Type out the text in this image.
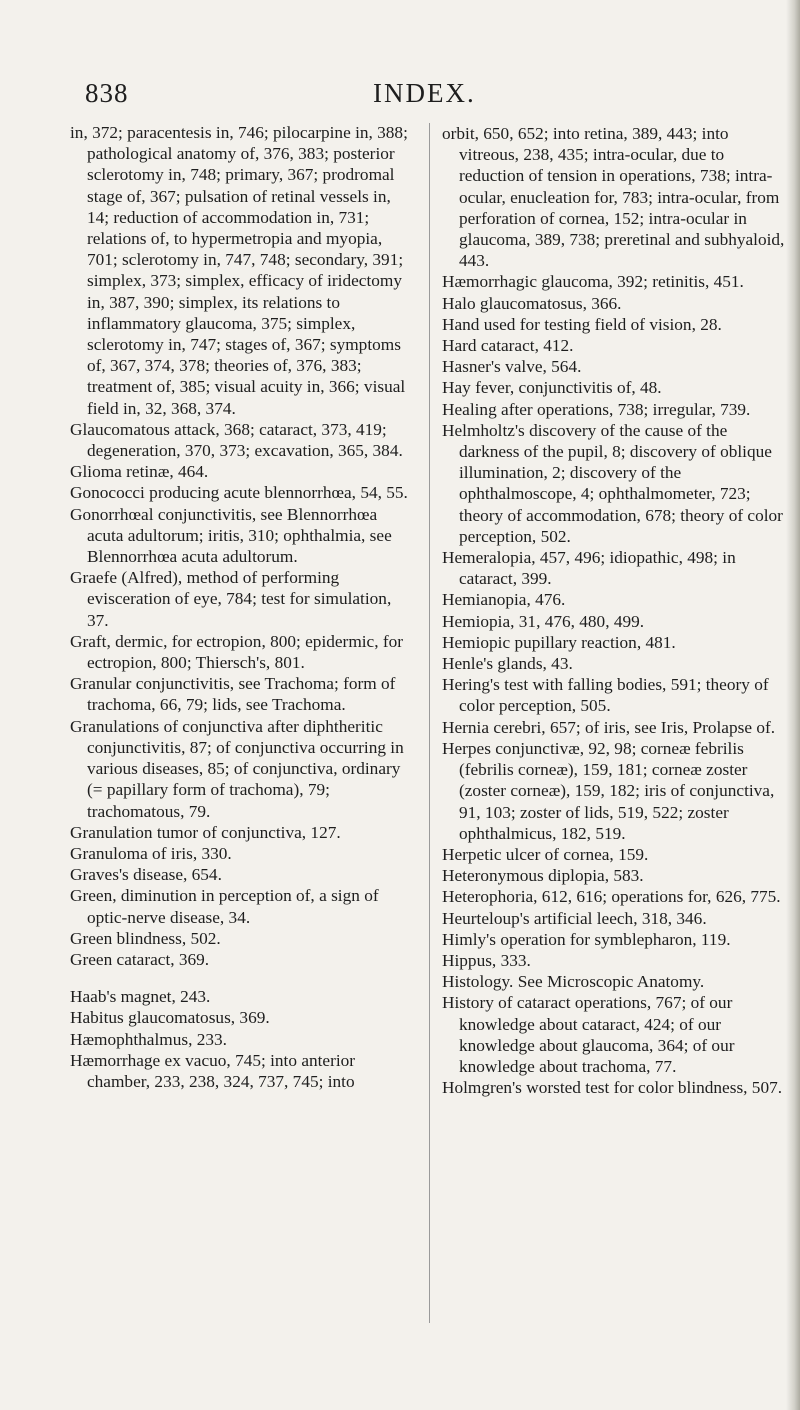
838	INDEX.

in, 372; paracentesis in, 746; pilocarpine in, 388; pathological anatomy of, 376, 383; posterior sclerotomy in, 748; primary, 367; prodromal stage of, 367; pulsation of retinal vessels in, 14; reduction of accommodation in, 731; relations of, to hypermetropia and myopia, 701; sclerotomy in, 747, 748; secondary, 391; simplex, 373; simplex, efficacy of iridectomy in, 387, 390; simplex, its relations to inflammatory glaucoma, 375; simplex, sclerotomy in, 747; stages of, 367; symptoms of, 367, 374, 378; theories of, 376, 383; treatment of, 385; visual acuity in, 366; visual field in, 32, 368, 374.

Glaucomatous attack, 368; cataract, 373, 419; degeneration, 370, 373; excavation, 365, 384.

Glioma retinæ, 464.

Gonococci producing acute blennorrhœa, 54, 55.

Gonorrhœal conjunctivitis, see Blennorrhœa acuta adultorum; iritis, 310; ophthalmia, see Blennorrhœa acuta adultorum.

Graefe (Alfred), method of performing evisceration of eye, 784; test for simulation, 37.

Graft, dermic, for ectropion, 800; epidermic, for ectropion, 800; Thiersch's, 801.

Granular conjunctivitis, see Trachoma; form of trachoma, 66, 79; lids, see Trachoma.

Granulations of conjunctiva after diphtheritic conjunctivitis, 87; of conjunctiva occurring in various diseases, 85; of conjunctiva, ordinary (= papillary form of trachoma), 79; trachomatous, 79.

Granulation tumor of conjunctiva, 127.

Granuloma of iris, 330.

Graves's disease, 654.

Green, diminution in perception of, a sign of optic-nerve disease, 34.

Green blindness, 502.

Green cataract, 369.

Haab's magnet, 243.

Habitus glaucomatosus, 369.

Hæmophthalmus, 233.

Hæmorrhage ex vacuo, 745; into anterior chamber, 233, 238, 324, 737, 745; into

orbit, 650, 652; into retina, 389, 443; into vitreous, 238, 435; intra-ocular, due to reduction of tension in operations, 738; intra-ocular, enucleation for, 783; intra-ocular, from perforation of cornea, 152; intra-ocular in glaucoma, 389, 738; preretinal and subhyaloid, 443.

Hæmorrhagic glaucoma, 392; retinitis, 451.

Halo glaucomatosus, 366.

Hand used for testing field of vision, 28.

Hard cataract, 412.

Hasner's valve, 564.

Hay fever, conjunctivitis of, 48.

Healing after operations, 738; irregular, 739.

Helmholtz's discovery of the cause of the darkness of the pupil, 8; discovery of oblique illumination, 2; discovery of the ophthalmoscope, 4; ophthalmometer, 723; theory of accommodation, 678; theory of color perception, 502.

Hemeralopia, 457, 496; idiopathic, 498; in cataract, 399.

Hemianopia, 476.

Hemiopia, 31, 476, 480, 499.

Hemiopic pupillary reaction, 481.

Henle's glands, 43.

Hering's test with falling bodies, 591; theory of color perception, 505.

Hernia cerebri, 657; of iris, see Iris, Prolapse of.

Herpes conjunctivæ, 92, 98; corneæ febrilis (febrilis corneæ), 159, 181; corneæ zoster (zoster corneæ), 159, 182; iris of conjunctiva, 91, 103; zoster of lids, 519, 522; zoster ophthalmicus, 182, 519.

Herpetic ulcer of cornea, 159.

Heteronymous diplopia, 583.

Heterophoria, 612, 616; operations for, 626, 775.

Heurteloup's artificial leech, 318, 346.

Himly's operation for symblepharon, 119.

Hippus, 333.

Histology. See Microscopic Anatomy.

History of cataract operations, 767; of our knowledge about cataract, 424; of our knowledge about glaucoma, 364; of our knowledge about trachoma, 77.

Holmgren's worsted test for color blindness, 507.
